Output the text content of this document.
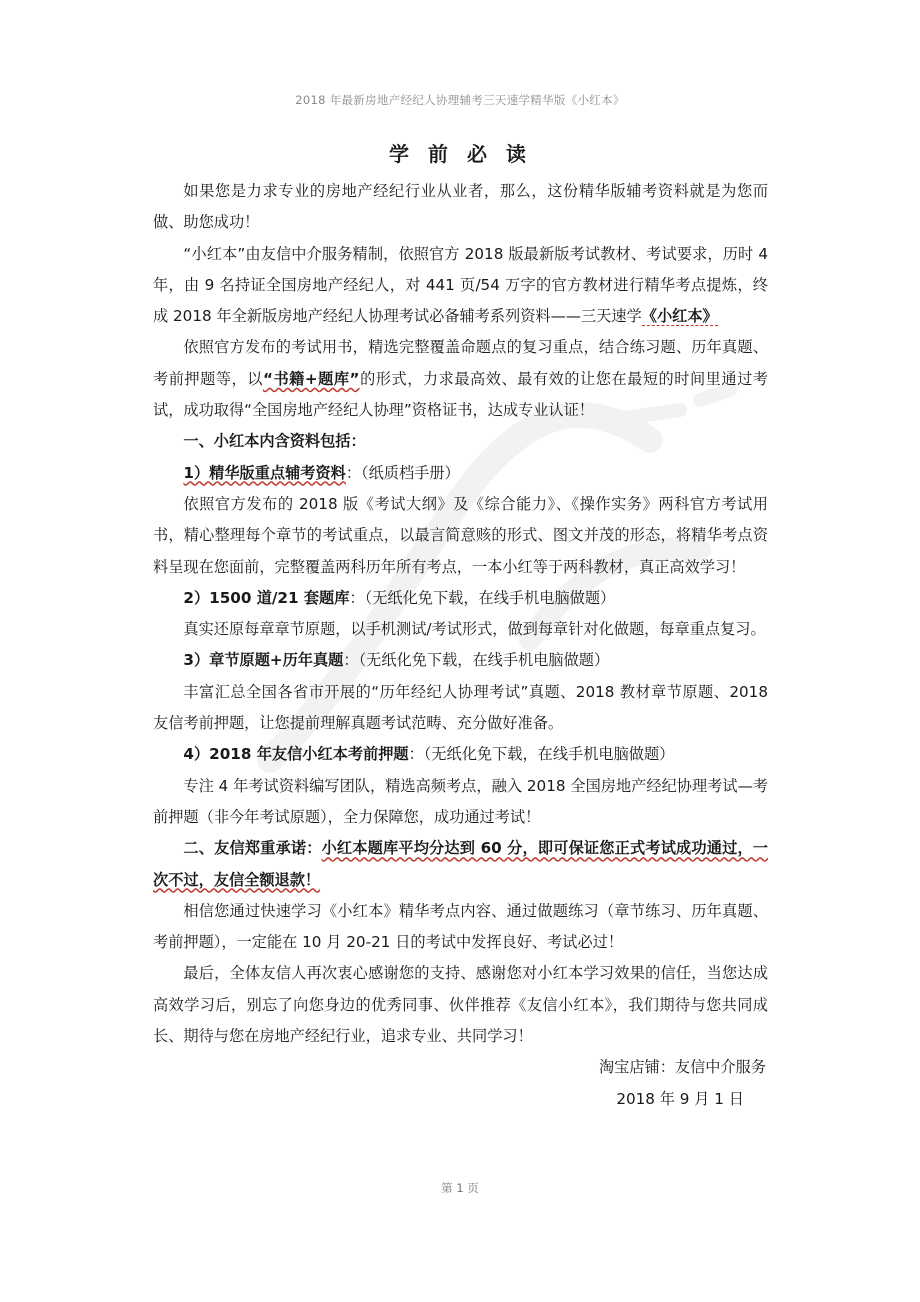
2018 年最新房地产经纪人协理辅考三天速学精华版《小红本》
学 前 必 读

如果您是力求专业的房地产经纪行业从业者，那么，这份精华版辅考资料就是为您而做、助您成功！

“小红本”由友信中介服务精制，依照官方 2018 版最新版考试教材、考试要求，历时 4 年，由 9 名持证全国房地产经纪人，对 441 页/54 万字的官方教材进行精华考点提炼，终成 2018 年全新版房地产经纪人协理考试必备辅考系列资料——三天速学《小红本》

依照官方发布的考试用书，精选完整覆盖命题点的复习重点，结合练习题、历年真题、考前押题等，以“书籍+题库”的形式，力求最高效、最有效的让您在最短的时间里通过考试，成功取得“全国房地产经纪人协理”资格证书，达成专业认证！

一、小红本内含资料包括：

1）精华版重点辅考资料：（纸质档手册）

依照官方发布的 2018 版《考试大纲》及《综合能力》、《操作实务》两科官方考试用书，精心整理每个章节的考试重点，以最言简意赅的形式、图文并茂的形态，将精华考点资料呈现在您面前，完整覆盖两科历年所有考点，一本小红等于两科教材，真正高效学习！

2）1500 道/21 套题库：（无纸化免下载，在线手机电脑做题）

真实还原每章章节原题，以手机测试/考试形式，做到每章针对化做题，每章重点复习。

3）章节原题+历年真题：（无纸化免下载，在线手机电脑做题）

丰富汇总全国各省市开展的“历年经纪人协理考试”真题、2018 教材章节原题、2018 友信考前押题，让您提前理解真题考试范畴、充分做好准备。

4）2018 年友信小红本考前押题：（无纸化免下载，在线手机电脑做题）

专注 4 年考试资料编写团队，精选高频考点，融入 2018 全国房地产经纪协理考试—考前押题（非今年考试原题），全力保障您，成功通过考试！

二、友信郑重承诺：小红本题库平均分达到 60 分，即可保证您正式考试成功通过，一次不过，友信全额退款！

相信您通过快速学习《小红本》精华考点内容、通过做题练习（章节练习、历年真题、考前押题），一定能在 10 月 20-21 日的考试中发挥良好、考试必过！

最后，全体友信人再次衷心感谢您的支持、感谢您对小红本学习效果的信任，当您达成高效学习后，别忘了向您身边的优秀同事、伙伴推荐《友信小红本》，我们期待与您共同成长、期待与您在房地产经纪行业，追求专业、共同学习！

淘宝店铺：友信中介服务

2018 年 9 月 1 日

第 1 页
